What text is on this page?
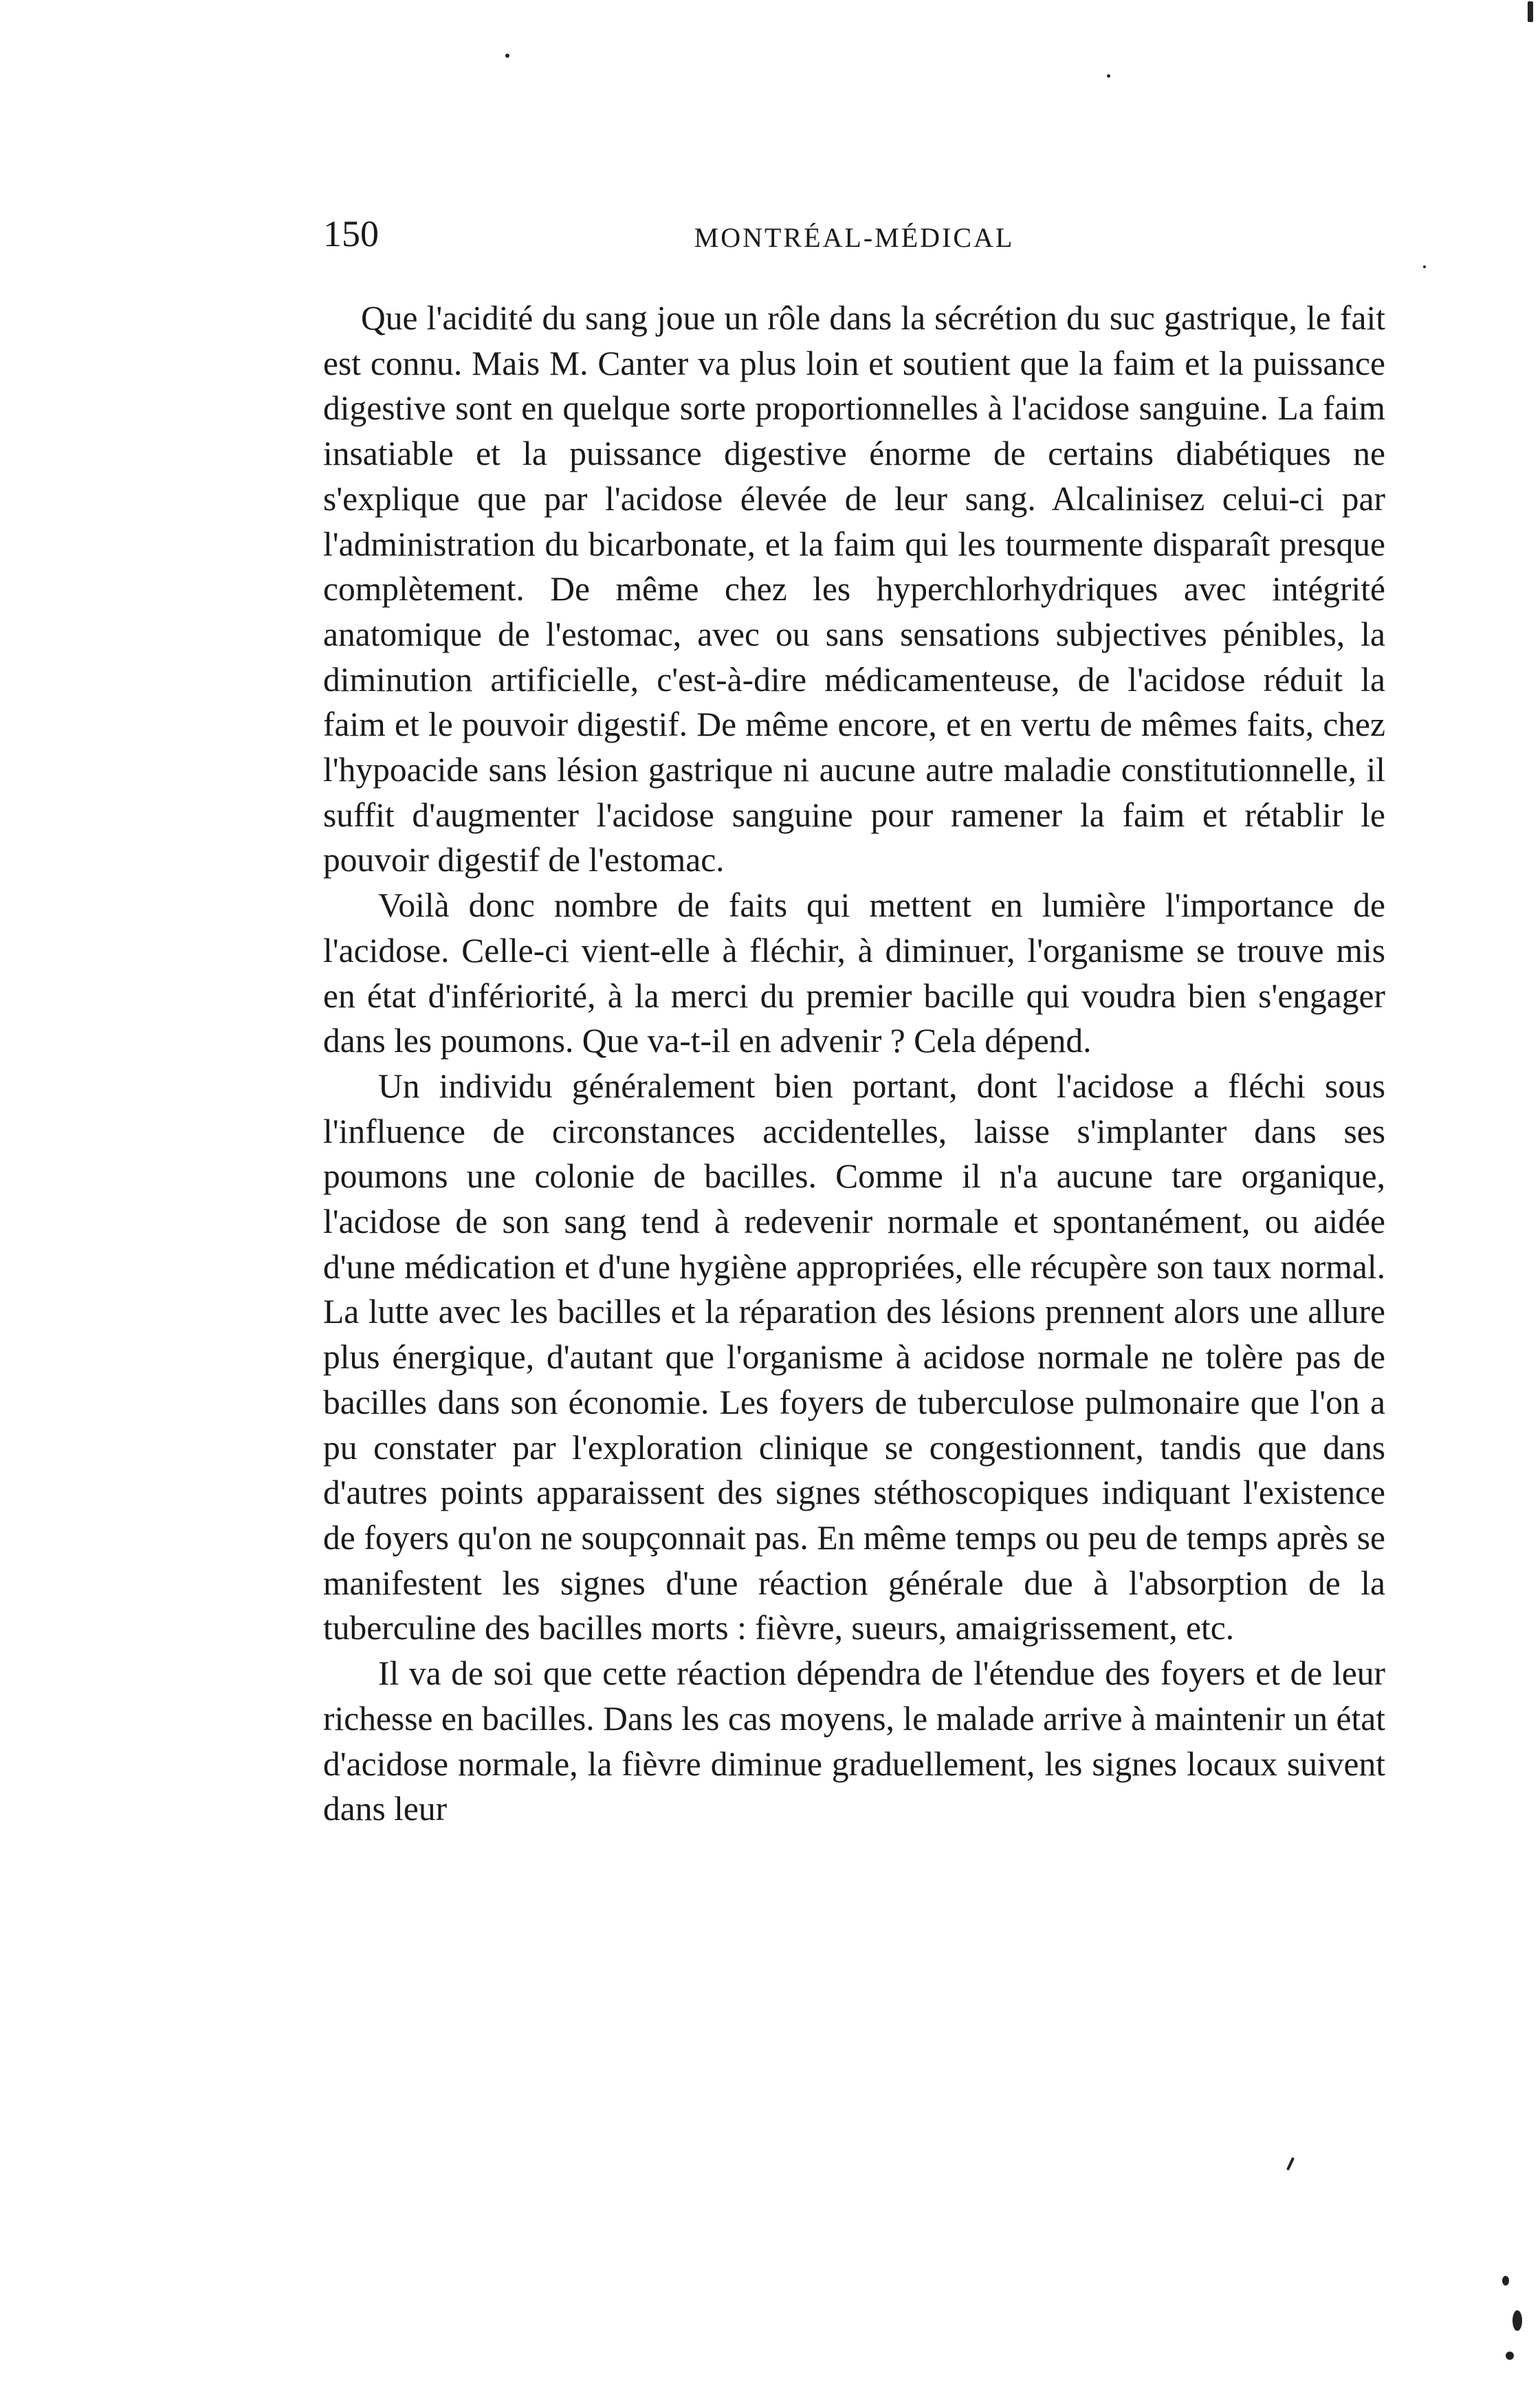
150	MONTRÉAL-MÉDICAL

Que l'acidité du sang joue un rôle dans la sécrétion du suc gastrique, le fait est connu. Mais M. Canter va plus loin et soutient que la faim et la puissance digestive sont en quelque sorte proportionnelles à l'acidose sanguine. La faim insatiable et la puissance digestive énorme de certains diabétiques ne s'explique que par l'acidose élevée de leur sang. Alcalinisez celui-ci par l'administration du bicarbonate, et la faim qui les tourmente disparaît presque complètement. De même chez les hyperchlorhydriques avec intégrité anatomique de l'estomac, avec ou sans sensations subjectives pénibles, la diminution artificielle, c'est-à-dire médicamenteuse, de l'acidose réduit la faim et le pouvoir digestif. De même encore, et en vertu de mêmes faits, chez l'hypoacide sans lésion gastrique ni aucune autre maladie constitutionnelle, il suffit d'augmenter l'acidose sanguine pour ramener la faim et rétablir le pouvoir digestif de l'estomac.

Voilà donc nombre de faits qui mettent en lumière l'importance de l'acidose. Celle-ci vient-elle à fléchir, à diminuer, l'organisme se trouve mis en état d'infériorité, à la merci du premier bacille qui voudra bien s'engager dans les poumons. Que va-t-il en advenir ? Cela dépend.

Un individu généralement bien portant, dont l'acidose a fléchi sous l'influence de circonstances accidentelles, laisse s'implanter dans ses poumons une colonie de bacilles. Comme il n'a aucune tare organique, l'acidose de son sang tend à redevenir normale et spontanément, ou aidée d'une médication et d'une hygiène appropriées, elle récupère son taux normal. La lutte avec les bacilles et la réparation des lésions prennent alors une allure plus énergique, d'autant que l'organisme à acidose normale ne tolère pas de bacilles dans son économie. Les foyers de tuberculose pulmonaire que l'on a pu constater par l'exploration clinique se congestionnent, tandis que dans d'autres points apparaissent des signes stéthoscopiques indiquant l'existence de foyers qu'on ne soupçonnait pas. En même temps ou peu de temps après se manifestent les signes d'une réaction générale due à l'absorption de la tuberculine des bacilles morts : fièvre, sueurs, amaigrissement, etc.

Il va de soi que cette réaction dépendra de l'étendue des foyers et de leur richesse en bacilles. Dans les cas moyens, le malade arrive à maintenir un état d'acidose normale, la fièvre diminue graduellement, les signes locaux suivent dans leur
